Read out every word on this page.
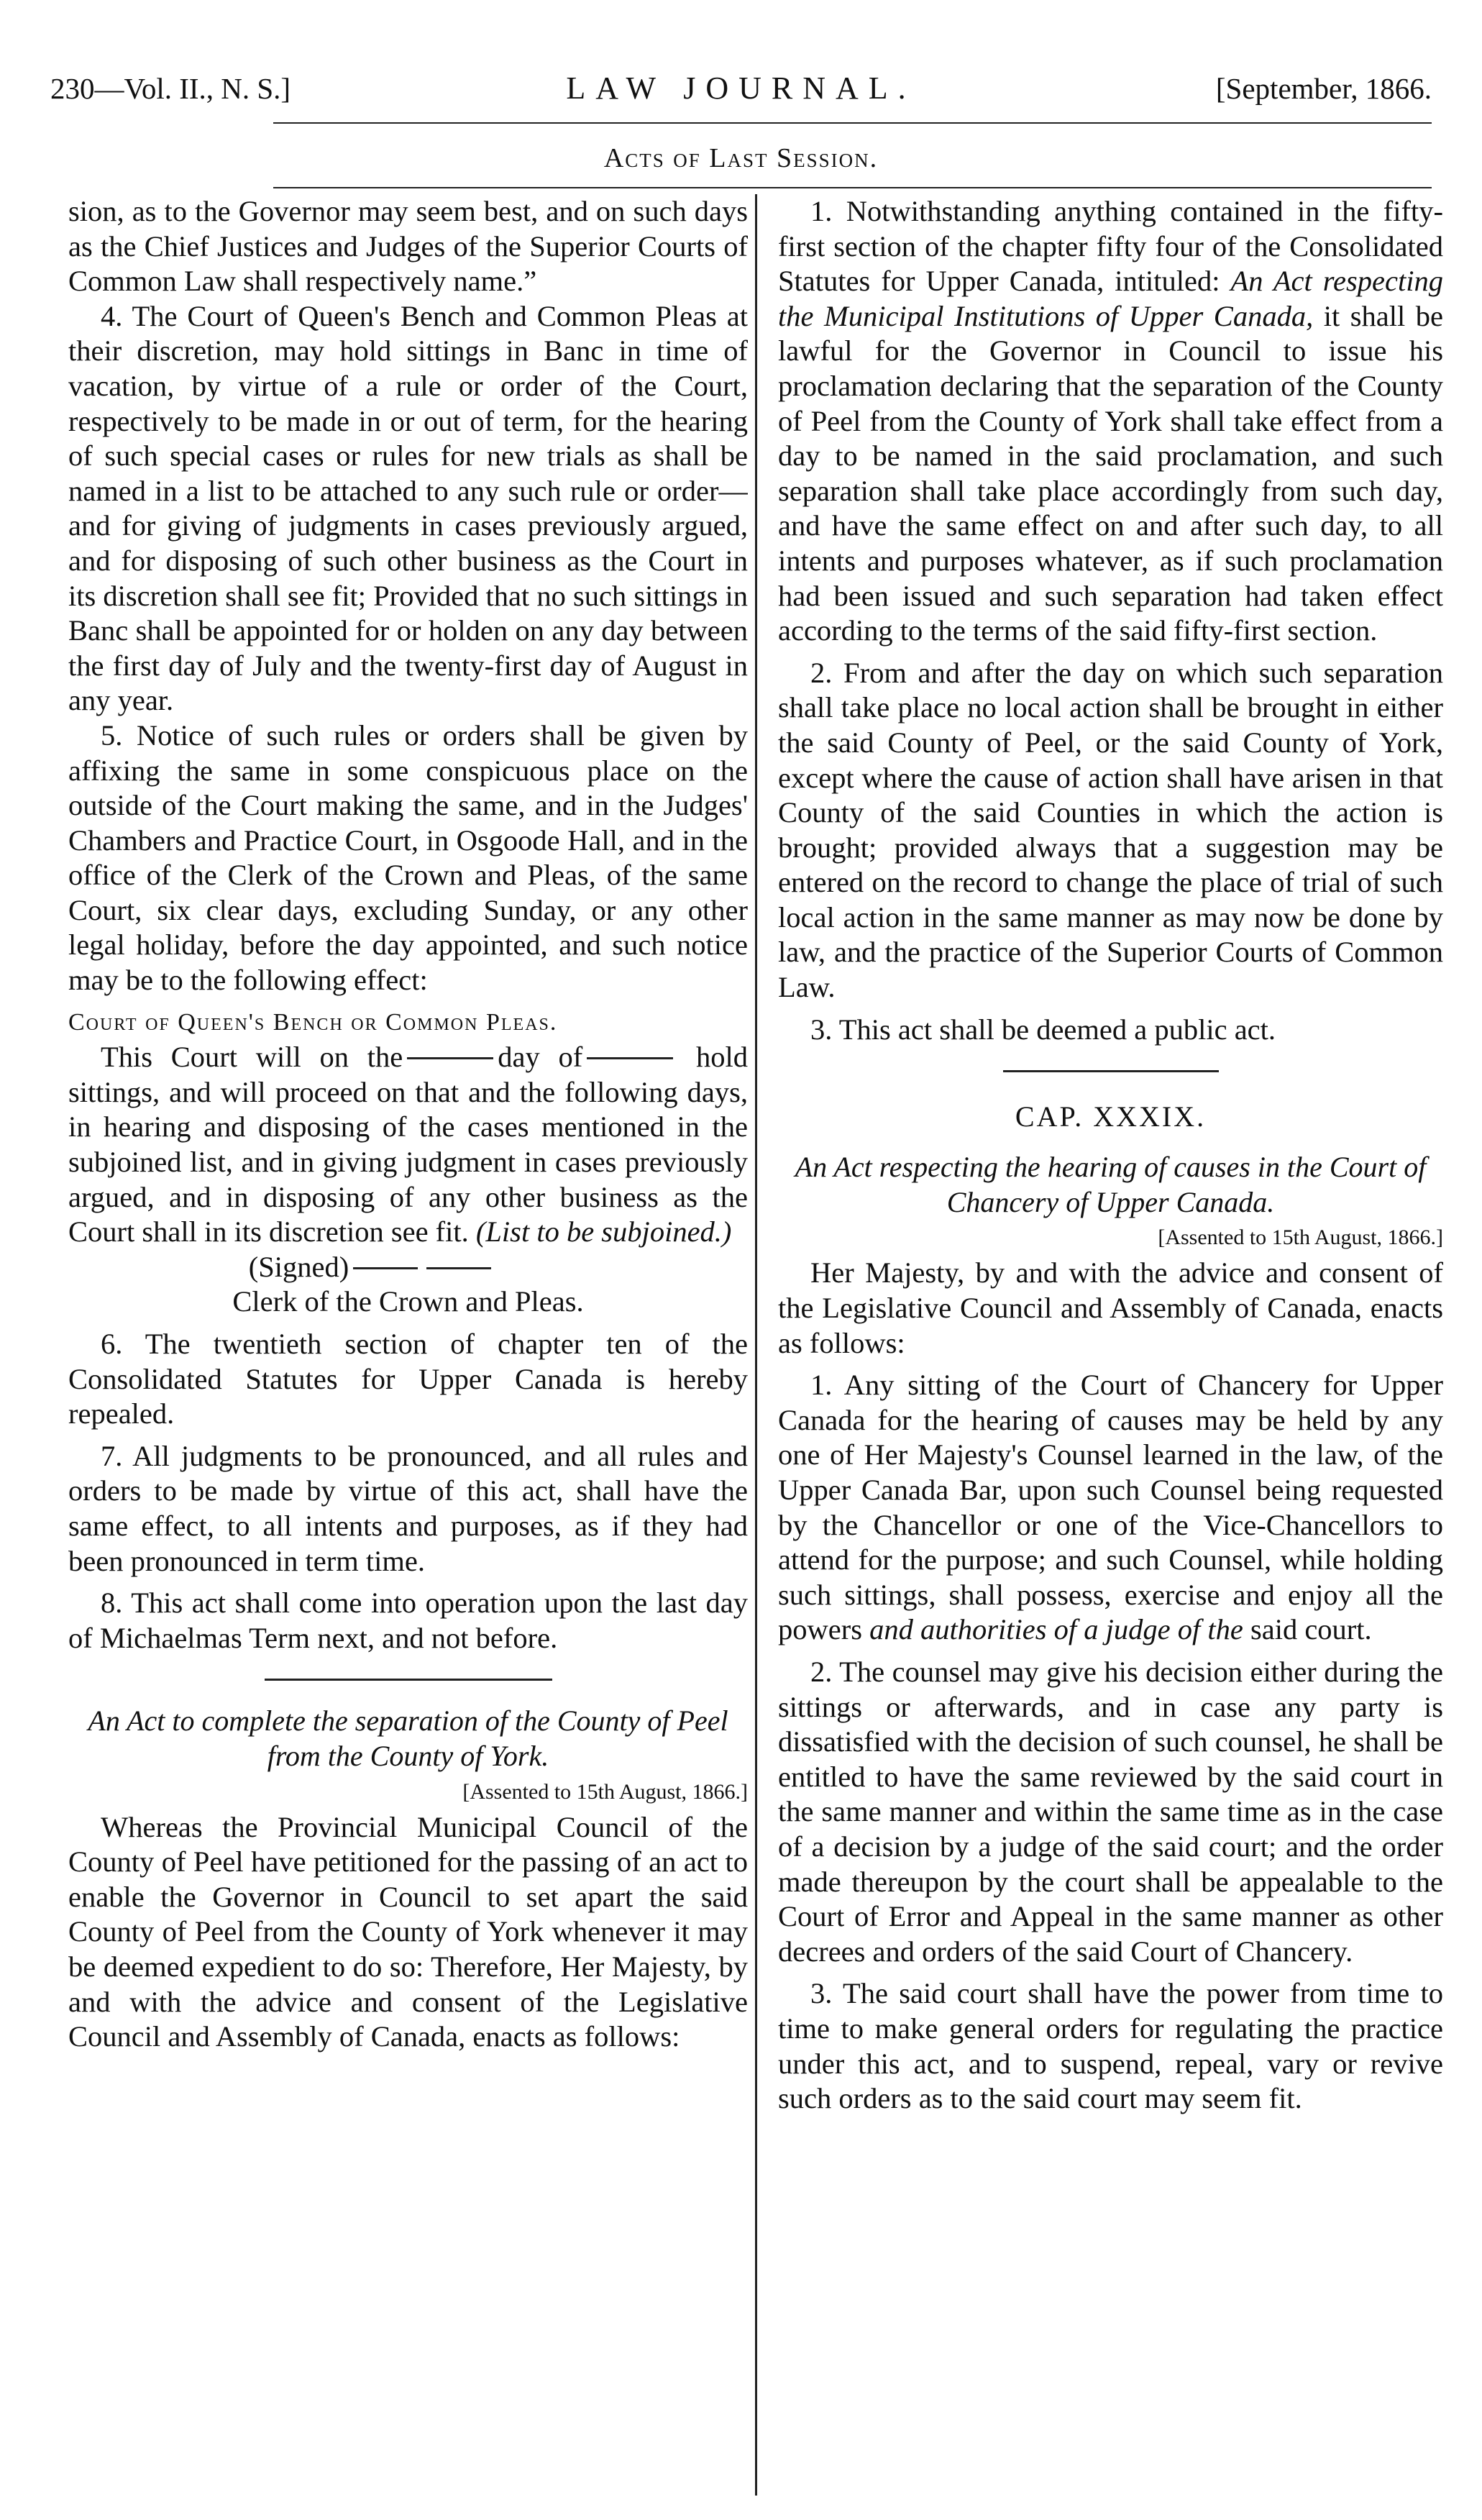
230—Vol. II., N. S.]	LAW JOURNAL.	[September, 1866.
Acts of Last Session.

sion, as to the Governor may seem best, and on such days as the Chief Justices and Judges of the Superior Courts of Common Law shall respectively name.”

4. The Court of Queen's Bench and Common Pleas at their discretion, may hold sittings in Banc in time of vacation, by virtue of a rule or order of the Court, respectively to be made in or out of term, for the hearing of such special cases or rules for new trials as shall be named in a list to be attached to any such rule or order—and for giving of judgments in cases previously argued, and for disposing of such other business as the Court in its discretion shall see fit; Provided that no such sittings in Banc shall be appointed for or holden on any day between the first day of July and the twenty-first day of August in any year.

5. Notice of such rules or orders shall be given by affixing the same in some conspicuous place on the outside of the Court making the same, and in the Judges' Chambers and Practice Court, in Osgoode Hall, and in the office of the Clerk of the Crown and Pleas, of the same Court, six clear days, excluding Sunday, or any other legal holiday, before the day appointed, and such notice may be to the following effect:

Court of Queen's Bench or Common Pleas.

This Court will on the	day of	hold sittings, and will proceed on that and the following days, in hearing and disposing of the cases mentioned in the subjoined list, and in giving judgment in cases previously argued, and in disposing of any other business as the Court shall in its discretion see fit. (List to be subjoined.)

(Signed)

Clerk of the Crown and Pleas.

6. The twentieth section of chapter ten of the Consolidated Statutes for Upper Canada is hereby repealed.

7. All judgments to be pronounced, and all rules and orders to be made by virtue of this act, shall have the same effect, to all intents and purposes, as if they had been pronounced in term time.

8. This act shall come into operation upon the last day of Michaelmas Term next, and not before.

An Act to complete the separation of the County of Peel from the County of York.

[Assented to 15th August, 1866.]

Whereas the Provincial Municipal Council of the County of Peel have petitioned for the passing of an act to enable the Governor in Council to set apart the said County of Peel from the County of York whenever it may be deemed expedient to do so: Therefore, Her Majesty, by and with the advice and consent of the Legislative Council and Assembly of Canada, enacts as follows:

1. Notwithstanding anything contained in the fifty-first section of the chapter fifty four of the Consolidated Statutes for Upper Canada, intituled: An Act respecting the Municipal Institutions of Upper Canada, it shall be lawful for the Governor in Council to issue his proclamation declaring that the separation of the County of Peel from the County of York shall take effect from a day to be named in the said proclamation, and such separation shall take place accordingly from such day, and have the same effect on and after such day, to all intents and purposes whatever, as if such proclamation had been issued and such separation had taken effect according to the terms of the said fifty-first section.

2. From and after the day on which such separation shall take place no local action shall be brought in either the said County of Peel, or the said County of York, except where the cause of action shall have arisen in that County of the said Counties in which the action is brought; provided always that a suggestion may be entered on the record to change the place of trial of such local action in the same manner as may now be done by law, and the practice of the Superior Courts of Common Law.

3. This act shall be deemed a public act.

CAP. XXXIX.

An Act respecting the hearing of causes in the Court of Chancery of Upper Canada.

[Assented to 15th August, 1866.]

Her Majesty, by and with the advice and consent of the Legislative Council and Assembly of Canada, enacts as follows:

1. Any sitting of the Court of Chancery for Upper Canada for the hearing of causes may be held by any one of Her Majesty's Counsel learned in the law, of the Upper Canada Bar, upon such Counsel being requested by the Chancellor or one of the Vice-Chancellors to attend for the purpose; and such Counsel, while holding such sittings, shall possess, exercise and enjoy all the powers and authorities of a judge of the said court.

2. The counsel may give his decision either during the sittings or afterwards, and in case any party is dissatisfied with the decision of such counsel, he shall be entitled to have the same reviewed by the said court in the same manner and within the same time as in the case of a decision by a judge of the said court; and the order made thereupon by the court shall be appealable to the Court of Error and Appeal in the same manner as other decrees and orders of the said Court of Chancery.

3. The said court shall have the power from time to time to make general orders for regulating the practice under this act, and to suspend, repeal, vary or revive such orders as to the said court may seem fit.
